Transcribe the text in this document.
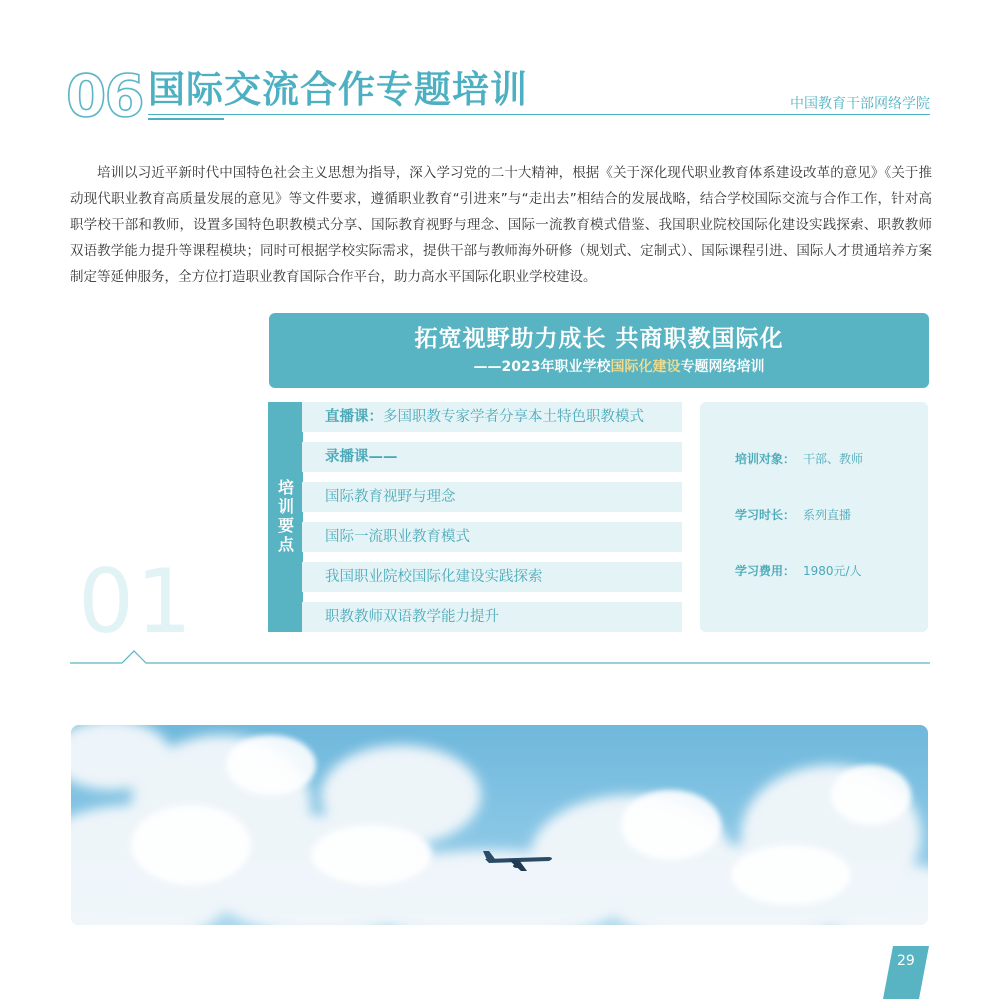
06 国际交流合作专题培训	中国教育干部网络学院

培训以习近平新时代中国特色社会主义思想为指导，深入学习党的二十大精神，根据《关于深化现代职业教育体系建设改革的意见》《关于推动现代职业教育高质量发展的意见》等文件要求，遵循职业教育“引进来”与“走出去”相结合的发展战略，结合学校国际交流与合作工作，针对高职学校干部和教师，设置多国特色职教模式分享、国际教育视野与理念、国际一流教育模式借鉴、我国职业院校国际化建设实践探索、职教教师双语教学能力提升等课程模块；同时可根据学校实际需求，提供干部与教师海外研修（规划式、定制式）、国际课程引进、国际人才贯通培养方案制定等延伸服务，全方位打造职业教育国际合作平台，助力高水平国际化职业学校建设。

拓宽视野助力成长 共商职教国际化
——2023年职业学校国际化建设专题网络培训
01
培训要点
直播课：多国职教专家学者分享本土特色职教模式
录播课——
国际教育视野与理念
国际一流职业教育模式
我国职业院校国际化建设实践探索
职教教师双语教学能力提升
培训对象： 干部、教师
学习时长： 系列直播
学习费用： 1980元/人
29
